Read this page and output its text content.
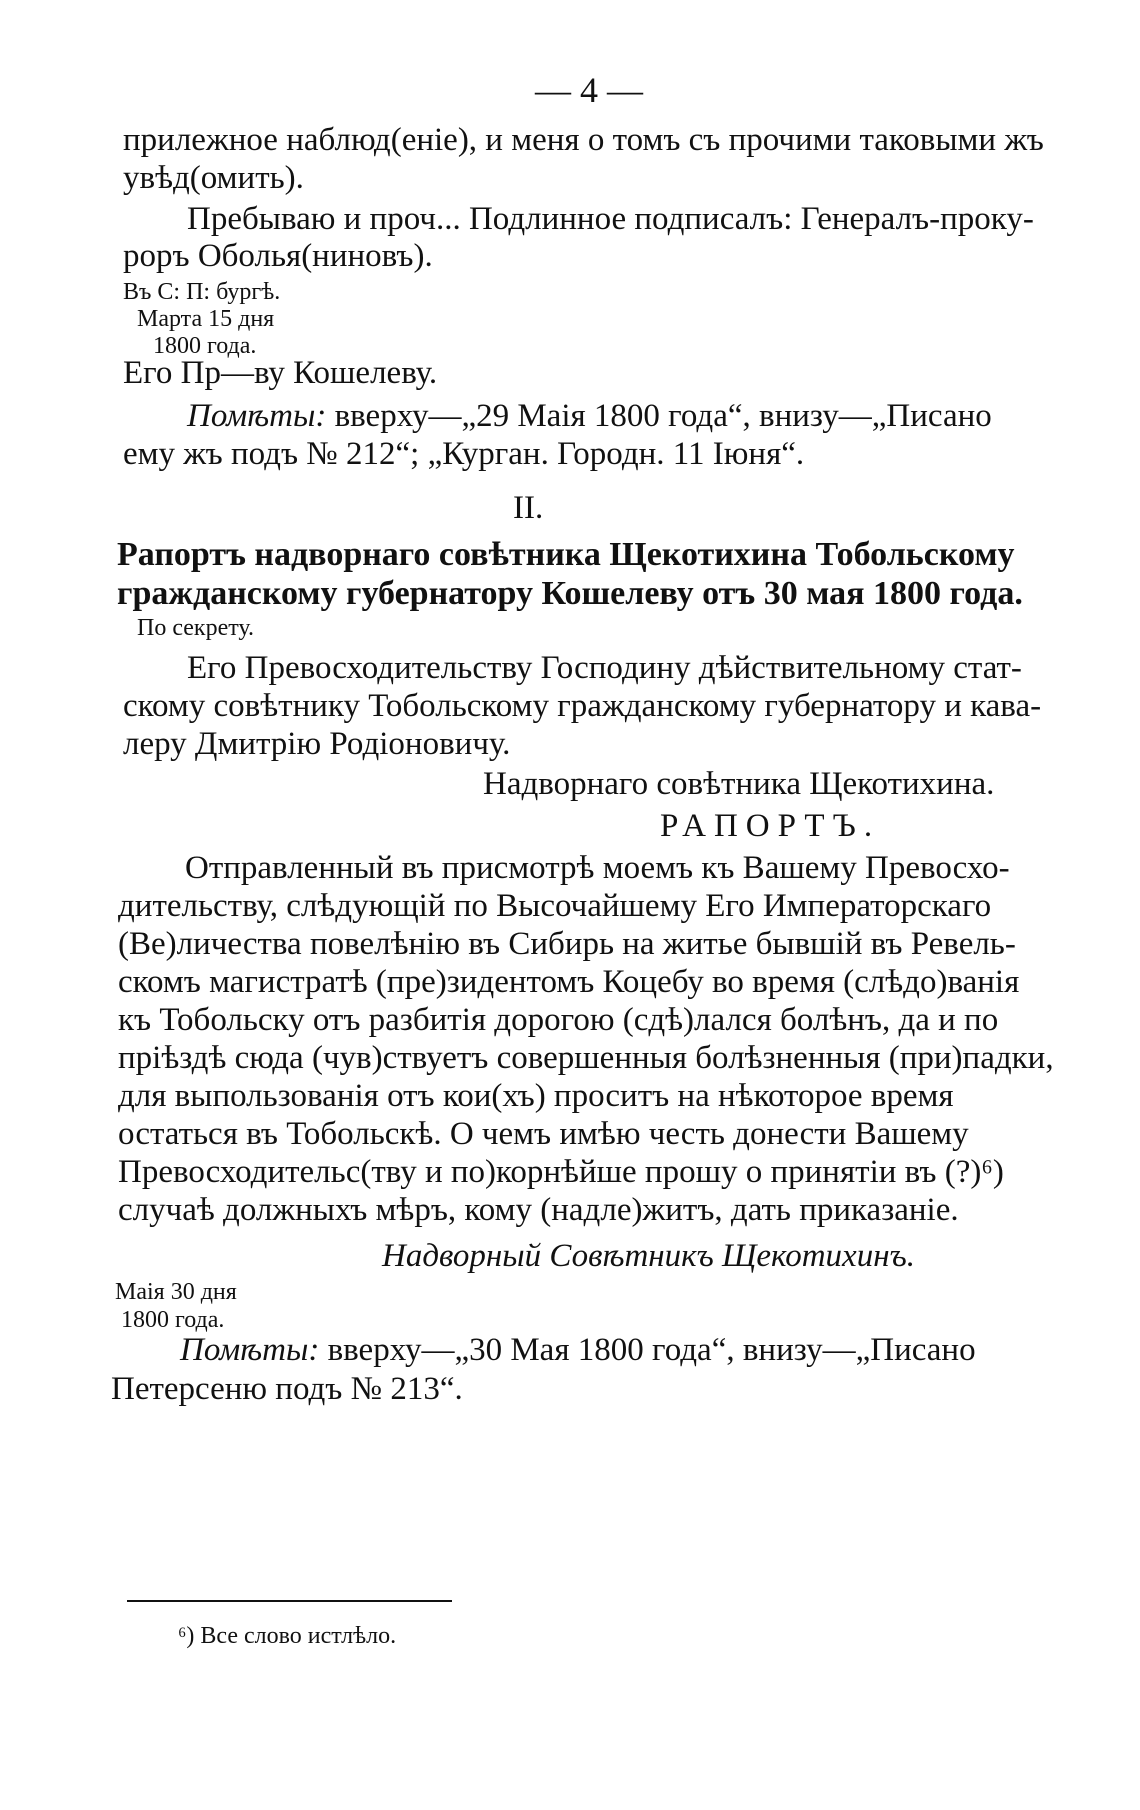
— 4 —
прилежное наблюд(еніе), и меня о томъ съ прочими таковыми жъ
увѣд(омить).
Пребываю и проч... Подлинное подписалъ: Генералъ-проку-
роръ Оболья(ниновъ).
Въ С: П: бургѣ.
Марта 15 дня
1800 года.
Его Пр—ву Кошелеву.
Помѣты: вверху—„29 Маія 1800 года“, внизу—„Писано
ему жъ подъ № 212“; „Курган. Городн. 11 Іюня“.
II.
Рапортъ надворнаго совѣтника Щекотихина Тобольскому
гражданскому губернатору Кошелеву отъ 30 мая 1800 года.
По секрету.
Его Превосходительству Господину дѣйствительному стат-
скому совѣтнику Тобольскому гражданскому губернатору и кава-
леру Дмитрію Родіоновичу.
Надворнаго совѣтника Щекотихина.
РАПОРТЪ.
Отправленный въ присмотрѣ моемъ къ Вашему Превосхо-
дительству, слѣдующій по Высочайшему Его Императорскаго
(Ве)личества повелѣнію въ Сибирь на житье бывшій въ Ревель-
скомъ магистратѣ (пре)зидентомъ Коцебу во время (слѣдо)ванія
къ Тобольску отъ разбитія дорогою (сдѣ)лался болѣнъ, да и по
пріѣздѣ сюда (чув)ствуетъ совершенныя болѣзненныя (при)падки,
для выпользованія отъ кои(хъ) проситъ на нѣкоторое время
остаться въ Тобольскѣ. О чемъ имѣю честь донести Вашему
Превосходительс(тву и по)корнѣйше прошу о принятіи въ (?)⁶)
случаѣ должныхъ мѣръ, кому (надле)житъ, дать приказаніе.
Надворный Совѣтникъ Щекотихинъ.
Маія 30 дня
1800 года.
Помѣты: вверху—„30 Мая 1800 года“, внизу—„Писано
Петерсеню подъ № 213“.
⁶) Все слово истлѣло.
